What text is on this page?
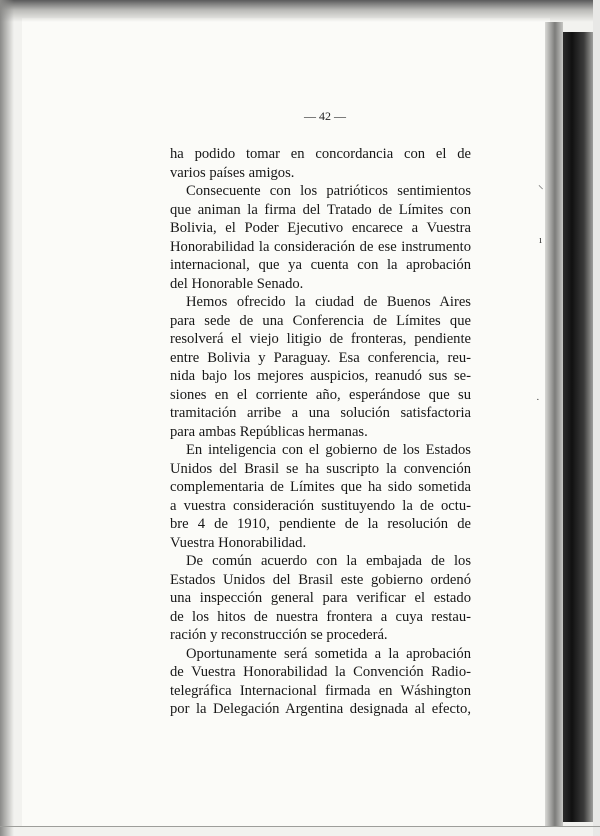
⸌
ı
·
— 42 —
ha podido tomar en concordancia con el de
varios países amigos.
Consecuente con los patrióticos sentimientos
que animan la firma del Tratado de Límites con
Bolivia, el Poder Ejecutivo encarece a Vuestra
Honorabilidad la consideración de ese instrumento
internacional, que ya cuenta con la aprobación
del Honorable Senado.
Hemos ofrecido la ciudad de Buenos Aires
para sede de una Conferencia de Límites que
resolverá el viejo litigio de fronteras, pendiente
entre Bolivia y Paraguay. Esa conferencia, reu-
nida bajo los mejores auspicios, reanudó sus se-
siones en el corriente año, esperándose que su
tramitación arribe a una solución satisfactoria
para ambas Repúblicas hermanas.
En inteligencia con el gobierno de los Estados
Unidos del Brasil se ha suscripto la convención
complementaria de Límites que ha sido sometida
a vuestra consideración sustituyendo la de octu-
bre 4 de 1910, pendiente de la resolución de
Vuestra Honorabilidad.
De común acuerdo con la embajada de los
Estados Unidos del Brasil este gobierno ordenó
una inspección general para verificar el estado
de los hitos de nuestra frontera a cuya restau-
ración y reconstrucción se procederá.
Oportunamente será sometida a la aprobación
de Vuestra Honorabilidad la Convención Radio-
telegráfica Internacional firmada en Wáshington
por la Delegación Argentina designada al efecto,
